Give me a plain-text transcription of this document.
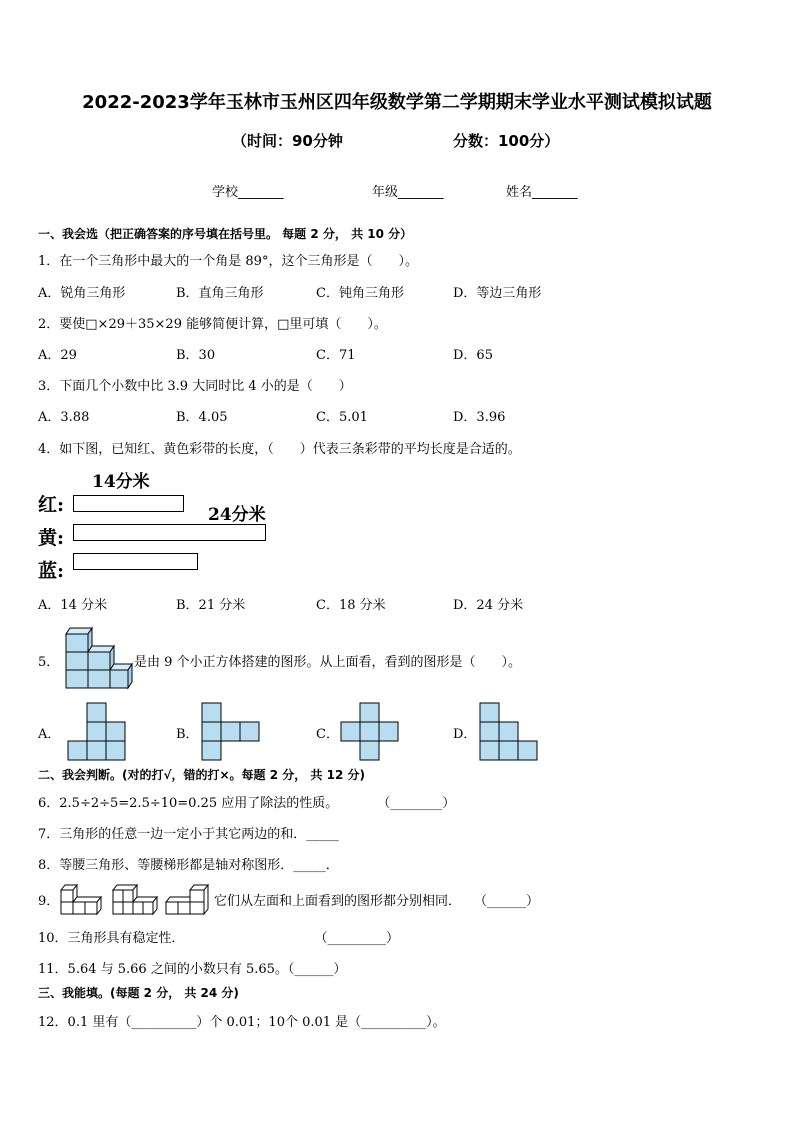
2022-2023学年玉林市玉州区四年级数学第二学期期末学业水平测试模拟试题
（时间：90分钟	分数：100分）
学校_______	年级_______	姓名_______
一、我会选（把正确答案的序号填在括号里。 每题 2 分， 共 10 分）
1．在一个三角形中最大的一个角是 89°，这个三角形是（　　）。
A．锐角三角形	B．直角三角形	C．钝角三角形	D．等边三角形
2．要使□×29＋35×29 能够简便计算，□里可填（　　）。
A．29	B．30	C．71	D．65
3．下面几个小数中比 3.9 大同时比 4 小的是（　　）
A．3.88	B．4.05	C．5.01	D．3.96
4．如下图，已知红、黄色彩带的长度，（　　）代表三条彩带的平均长度是合适的。
14分米
红:	24分米
黄:
蓝:
A．14 分米	B．21 分米	C．18 分米	D．24 分米
5．	是由 9 个小正方体搭建的图形。从上面看，看到的图形是（　　）。
A．	B．	C．	D．
二、我会判断。(对的打√，错的打×。每题 2 分， 共 12 分)
6．2.5÷2÷5=2.5÷10=0.25 应用了除法的性质。　　　　（________）
7．三角形的任意一边一定小于其它两边的和．_____
8．等腰三角形、等腰梯形都是轴对称图形．_____．
9．	它们从左面和上面看到的图形都分别相同．　　（______）
10．三角形具有稳定性．　　　　　　　　　　　（_________）
11．5.64 与 5.66 之间的小数只有 5.65。（______）
三、我能填。(每题 2 分， 共 24 分)
12．0.1 里有（__________）个 0.01；10个 0.01 是（__________）。
